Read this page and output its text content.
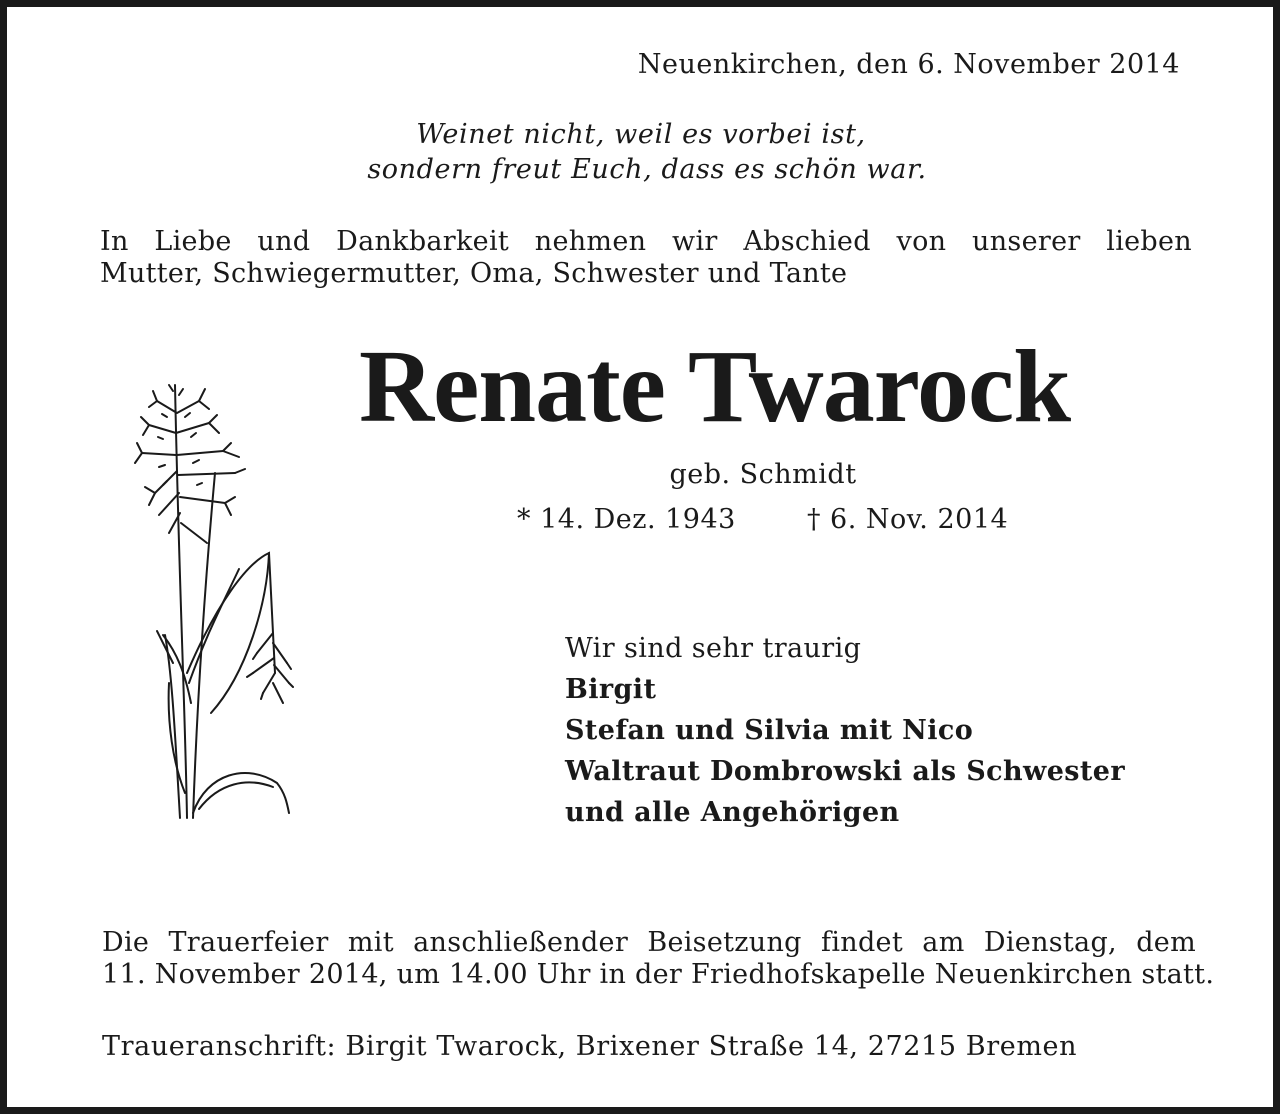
Neuenkirchen, den 6. November 2014
Weinet nicht, weil es vorbei ist,
sondern freut Euch, dass es schön war.
In Liebe und Dankbarkeit nehmen wir Abschied von unserer lieben
Mutter, Schwiegermutter, Oma, Schwester und Tante
Renate Twarock
geb. Schmidt
* 14. Dez. 1943	† 6. Nov. 2014
Wir sind sehr traurig
Birgit
Stefan und Silvia mit Nico
Waltraut Dombrowski als Schwester
und alle Angehörigen
Die Trauerfeier mit anschließender Beisetzung findet am Dienstag, dem
11. November 2014, um 14.00 Uhr in der Friedhofskapelle Neuenkirchen statt.
Traueranschrift: Birgit Twarock, Brixener Straße 14, 27215 Bremen
